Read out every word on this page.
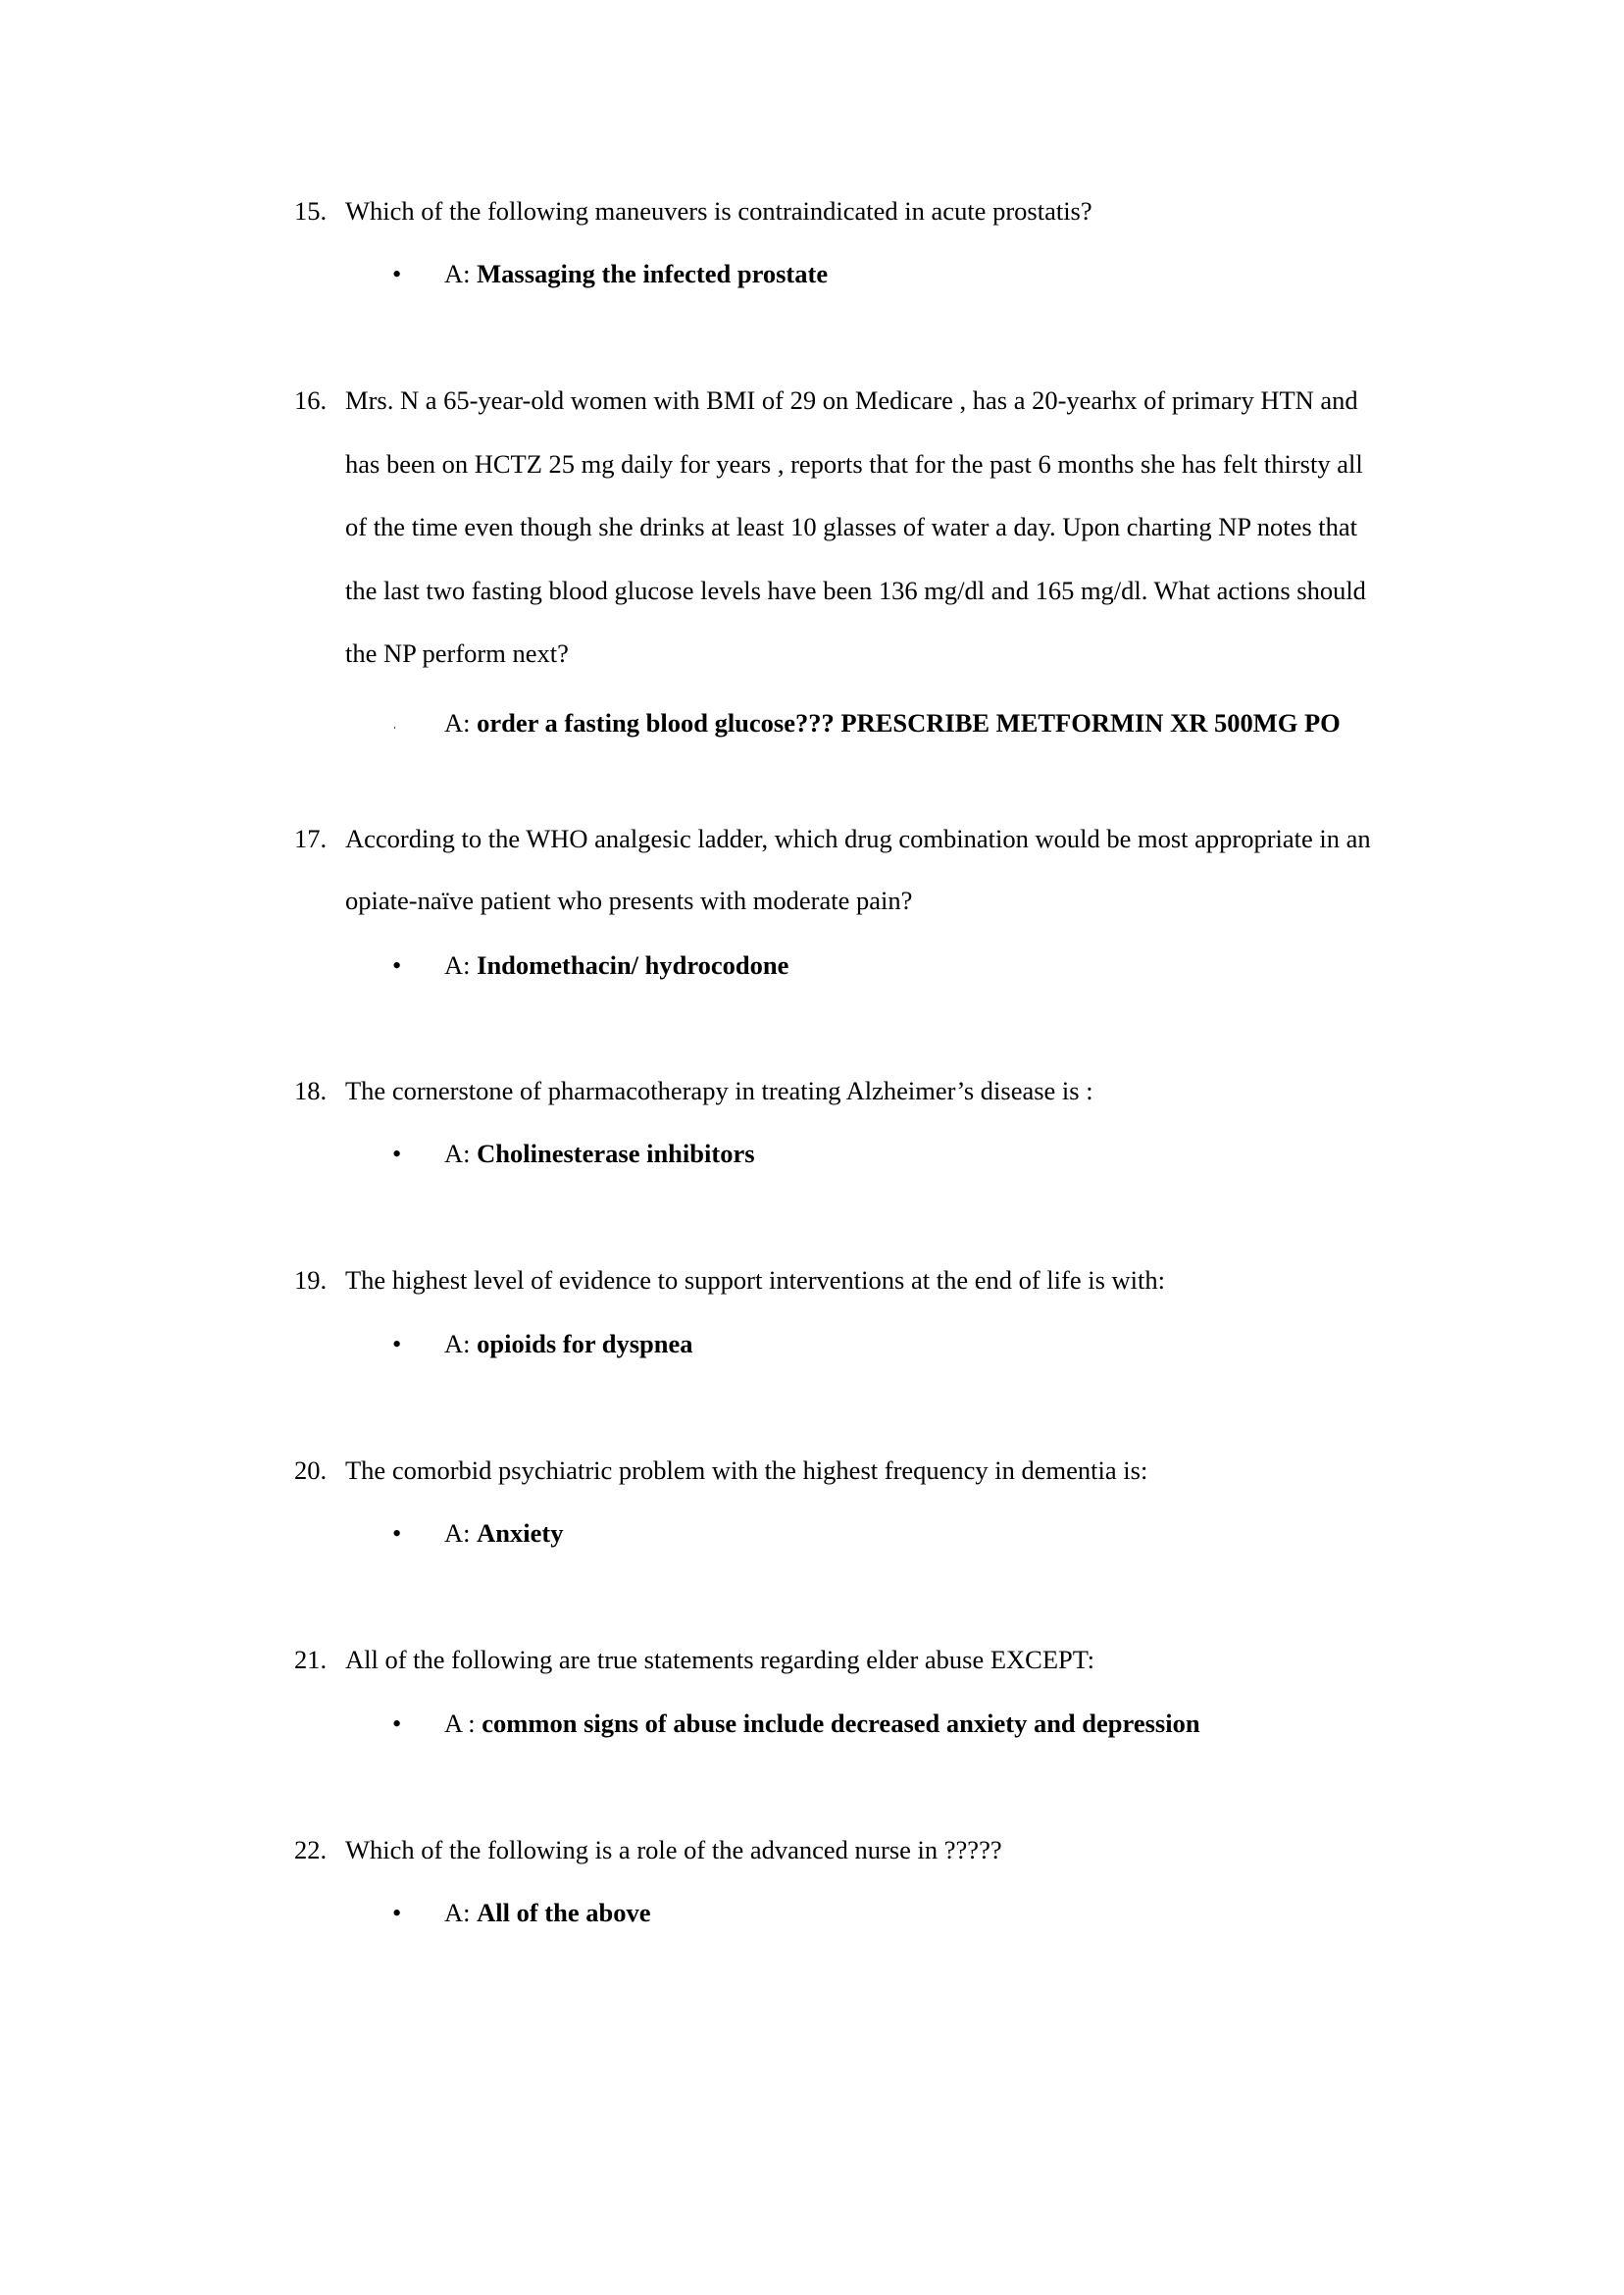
15. Which of the following maneuvers is contraindicated in acute prostatis?
• A: Massaging the infected prostate
16. Mrs. N a 65-year-old women with BMI of 29 on Medicare , has a 20-yearhx of primary HTN and
has been on HCTZ 25 mg daily for years , reports that for the past 6 months she has felt thirsty all
of the time even though she drinks at least 10 glasses of water a day. Upon charting NP notes that
the last two fasting blood glucose levels have been 136 mg/dl and 165 mg/dl. What actions should
the NP perform next?
ˌ A: order a fasting blood glucose??? PRESCRIBE METFORMIN XR 500MG PO
17. According to the WHO analgesic ladder, which drug combination would be most appropriate in an
opiate-naïve patient who presents with moderate pain?
• A: Indomethacin/ hydrocodone
18. The cornerstone of pharmacotherapy in treating Alzheimer’s disease is :
• A: Cholinesterase inhibitors
19. The highest level of evidence to support interventions at the end of life is with:
• A: opioids for dyspnea
20. The comorbid psychiatric problem with the highest frequency in dementia is:
• A: Anxiety
21. All of the following are true statements regarding elder abuse EXCEPT:
• A : common signs of abuse include decreased anxiety and depression
22. Which of the following is a role of the advanced nurse in ?????
• A: All of the above
